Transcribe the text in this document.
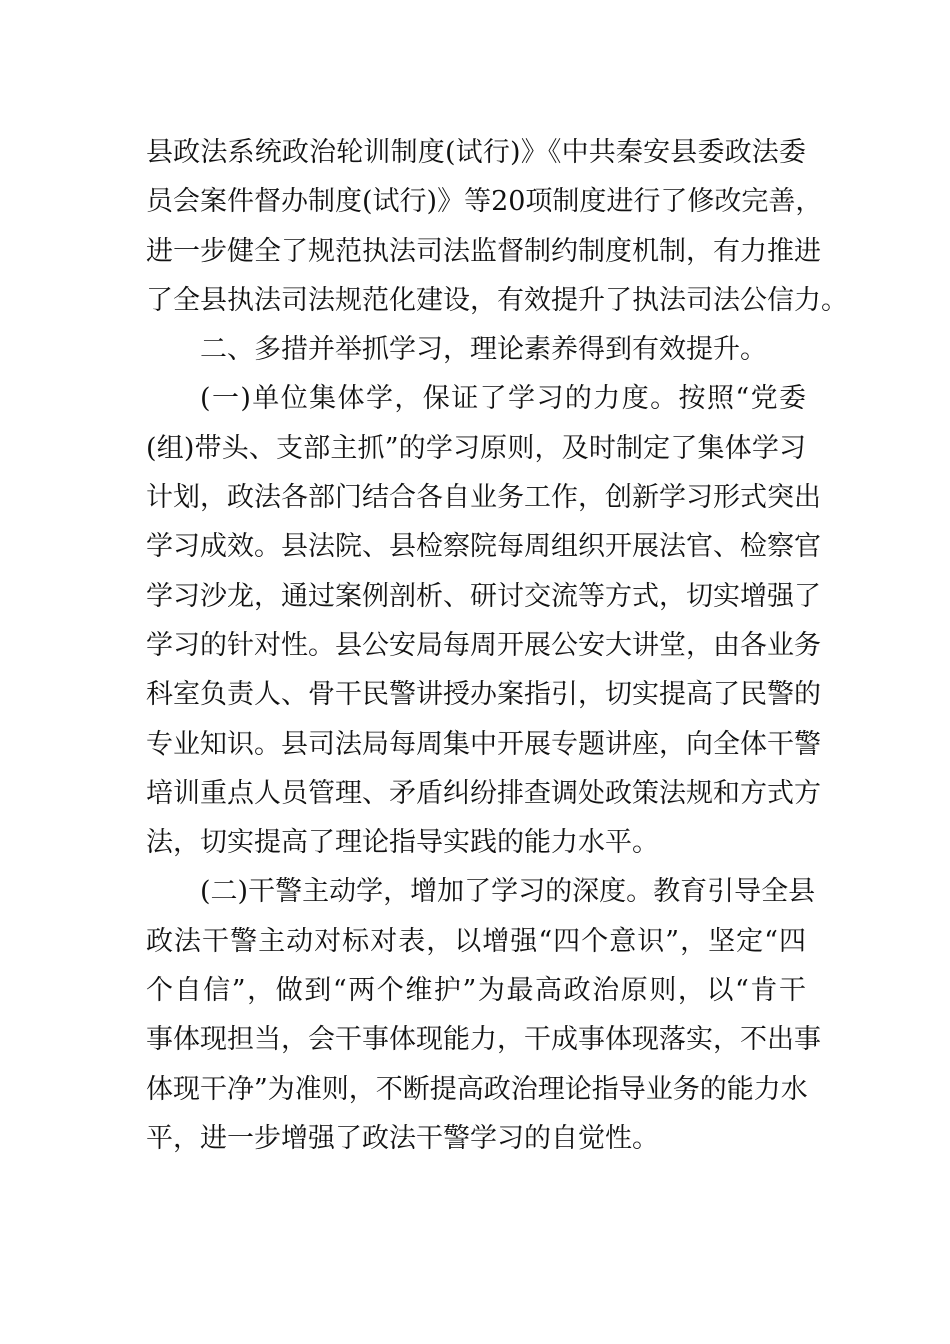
县政法系统政治轮训制度(试行)》《中共秦安县委政法委
员会案件督办制度(试行)》等20项制度进行了修改完善，
进一步健全了规范执法司法监督制约制度机制，有力推进
了全县执法司法规范化建设，有效提升了执法司法公信力。
二、多措并举抓学习，理论素养得到有效提升。
(一)单位集体学，保证了学习的力度。按照“党委
(组)带头、支部主抓”的学习原则，及时制定了集体学习
计划，政法各部门结合各自业务工作，创新学习形式突出
学习成效。县法院、县检察院每周组织开展法官、检察官
学习沙龙，通过案例剖析、研讨交流等方式，切实增强了
学习的针对性。县公安局每周开展公安大讲堂，由各业务
科室负责人、骨干民警讲授办案指引，切实提高了民警的
专业知识。县司法局每周集中开展专题讲座，向全体干警
培训重点人员管理、矛盾纠纷排查调处政策法规和方式方
法，切实提高了理论指导实践的能力水平。
(二)干警主动学，增加了学习的深度。教育引导全县
政法干警主动对标对表，以增强“四个意识”，坚定“四
个自信”，做到“两个维护”为最高政治原则，以“肯干
事体现担当，会干事体现能力，干成事体现落实，不出事
体现干净”为准则，不断提高政治理论指导业务的能力水
平，进一步增强了政法干警学习的自觉性。
